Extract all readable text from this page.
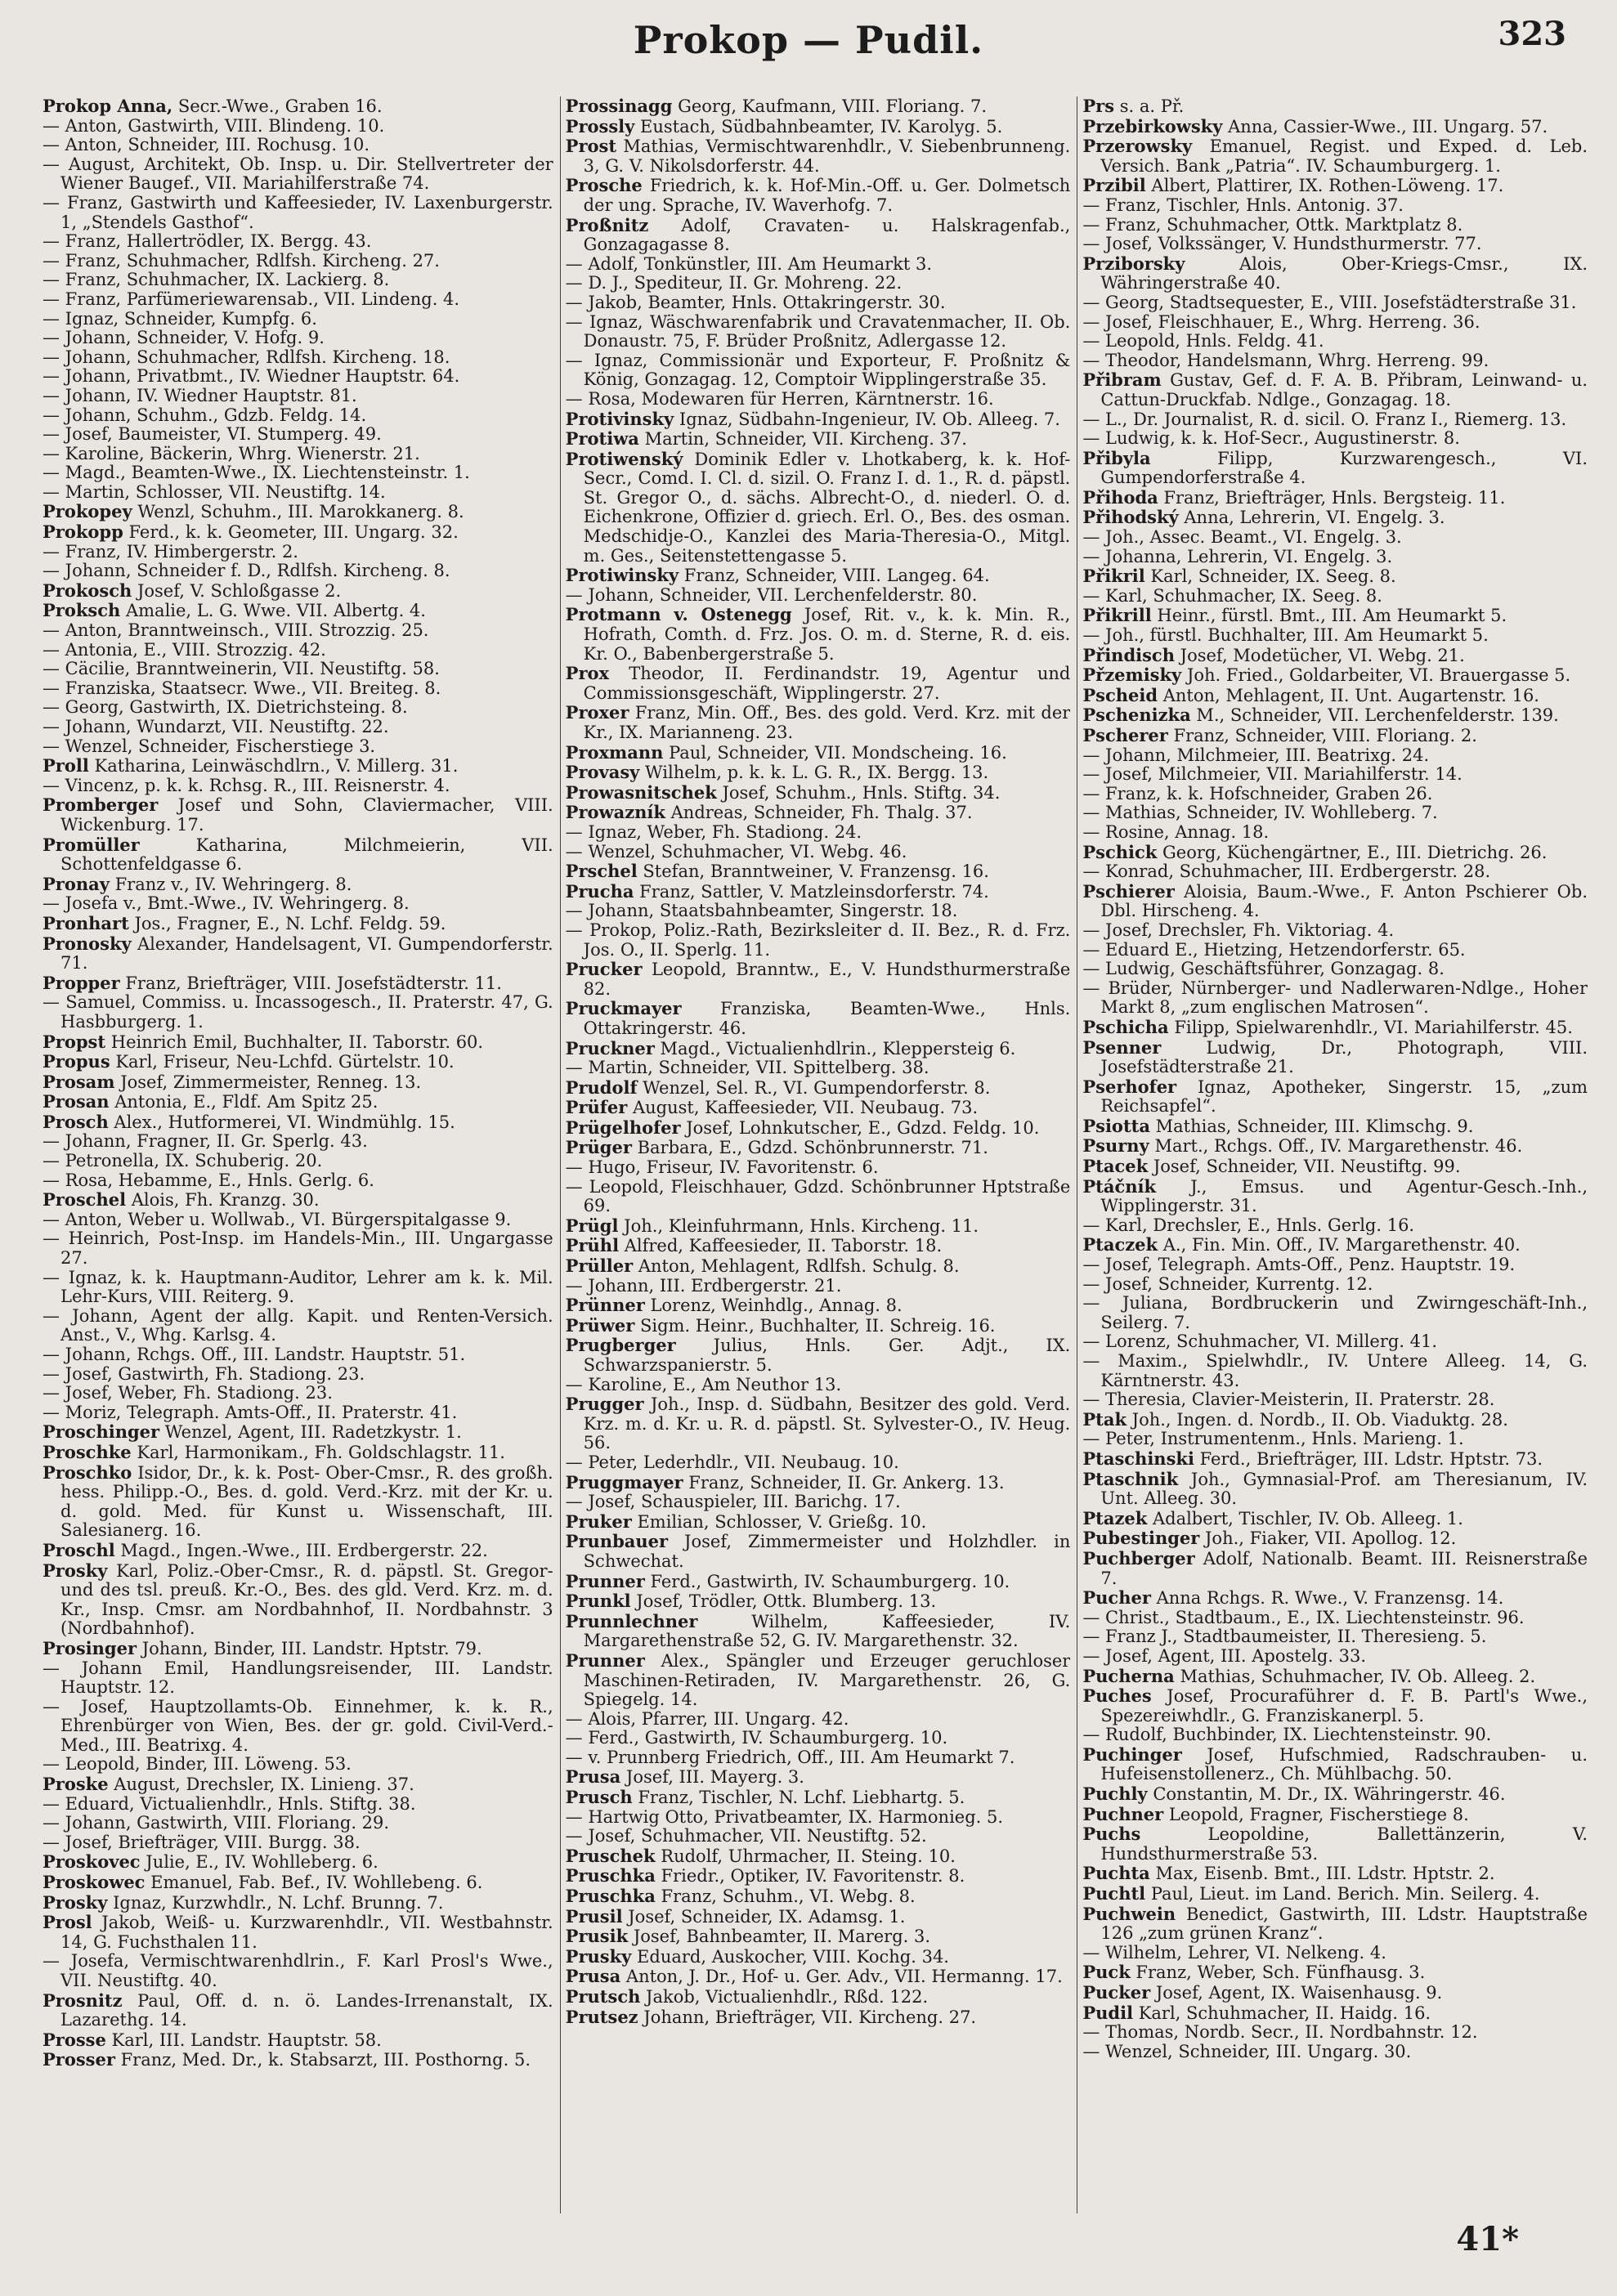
Prokop — Pudil.	323
Prokop Anna, Secr.-Wwe., Graben 16.
— Anton, Gastwirth, VIII. Blindeng. 10.
— Anton, Schneider, III. Rochusg. 10.
— August, Architekt, Ob. Insp. u. Dir. Stellvertreter der Wiener Baugef., VII. Mariahilferstraße 74.
— Franz, Gastwirth und Kaffeesieder, IV. Laxenburgerstr. 1, „Stendels Gasthof“.
— Franz, Hallertrödler, IX. Bergg. 43.
— Franz, Schuhmacher, Rdlfsh. Kircheng. 27.
— Franz, Schuhmacher, IX. Lackierg. 8.
— Franz, Parfümeriewarensab., VII. Lindeng. 4.
— Ignaz, Schneider, Kumpfg. 6.
— Johann, Schneider, V. Hofg. 9.
— Johann, Schuhmacher, Rdlfsh. Kircheng. 18.
— Johann, Privatbmt., IV. Wiedner Hauptstr. 64.
— Johann, IV. Wiedner Hauptstr. 81.
— Johann, Schuhm., Gdzb. Feldg. 14.
— Josef, Baumeister, VI. Stumperg. 49.
— Karoline, Bäckerin, Whrg. Wienerstr. 21.
— Magd., Beamten-Wwe., IX. Liechtensteinstr. 1.
— Martin, Schlosser, VII. Neustiftg. 14.
Prokopey Wenzl, Schuhm., III. Marokkanerg. 8.
Prokopp Ferd., k. k. Geometer, III. Ungarg. 32.
— Franz, IV. Himbergerstr. 2.
— Johann, Schneider f. D., Rdlfsh. Kircheng. 8.
Prokosch Josef, V. Schloßgasse 2.
Proksch Amalie, L. G. Wwe. VII. Albertg. 4.
— Anton, Branntweinsch., VIII. Strozzig. 25.
— Antonia, E., VIII. Strozzig. 42.
— Cäcilie, Branntweinerin, VII. Neustiftg. 58.
— Franziska, Staatsecr. Wwe., VII. Breiteg. 8.
— Georg, Gastwirth, IX. Dietrichsteing. 8.
— Johann, Wundarzt, VII. Neustiftg. 22.
— Wenzel, Schneider, Fischerstiege 3.
Proll Katharina, Leinwäschdlrn., V. Millerg. 31.
— Vincenz, p. k. k. Rchsg. R., III. Reisnerstr. 4.
Promberger Josef und Sohn, Claviermacher, VIII. Wickenburg. 17.
Promüller Katharina, Milchmeierin, VII. Schottenfeldgasse 6.
Pronay Franz v., IV. Wehringerg. 8.
— Josefa v., Bmt.-Wwe., IV. Wehringerg. 8.
Pronhart Jos., Fragner, E., N. Lchf. Feldg. 59.
Pronosky Alexander, Handelsagent, VI. Gumpendorferstr. 71.
Propper Franz, Briefträger, VIII. Josefstädterstr. 11.
— Samuel, Commiss. u. Incassogesch., II. Praterstr. 47, G. Hasbburgerg. 1.
Propst Heinrich Emil, Buchhalter, II. Taborstr. 60.
Propus Karl, Friseur, Neu-Lchfd. Gürtelstr. 10.
Prosam Josef, Zimmermeister, Renneg. 13.
Prosan Antonia, E., Fldf. Am Spitz 25.
Prosch Alex., Hutformerei, VI. Windmühlg. 15.
— Johann, Fragner, II. Gr. Sperlg. 43.
— Petronella, IX. Schuberig. 20.
— Rosa, Hebamme, E., Hnls. Gerlg. 6.
Proschel Alois, Fh. Kranzg. 30.
— Anton, Weber u. Wollwab., VI. Bürgerspitalgasse 9.
— Heinrich, Post-Insp. im Handels-Min., III. Ungargasse 27.
— Ignaz, k. k. Hauptmann-Auditor, Lehrer am k. k. Mil. Lehr-Kurs, VIII. Reiterg. 9.
— Johann, Agent der allg. Kapit. und Renten-Versich. Anst., V., Whg. Karlsg. 4.
— Johann, Rchgs. Off., III. Landstr. Hauptstr. 51.
— Josef, Gastwirth, Fh. Stadiong. 23.
— Josef, Weber, Fh. Stadiong. 23.
— Moriz, Telegraph. Amts-Off., II. Praterstr. 41.
Proschinger Wenzel, Agent, III. Radetzkystr. 1.
Proschke Karl, Harmonikam., Fh. Goldschlagstr. 11.
Proschko Isidor, Dr., k. k. Post- Ober-Cmsr., R. des großh. hess. Philipp.-O., Bes. d. gold. Verd.-Krz. mit der Kr. u. d. gold. Med. für Kunst u. Wissenschaft, III. Salesianerg. 16.
Proschl Magd., Ingen.-Wwe., III. Erdbergerstr. 22.
Prosky Karl, Poliz.-Ober-Cmsr., R. d. päpstl. St. Gregor- und des tsl. preuß. Kr.-O., Bes. des gld. Verd. Krz. m. d. Kr., Insp. Cmsr. am Nordbahnhof, II. Nordbahnstr. 3 (Nordbahnhof).
Prosinger Johann, Binder, III. Landstr. Hptstr. 79.
— Johann Emil, Handlungsreisender, III. Landstr. Hauptstr. 12.
— Josef, Hauptzollamts-Ob. Einnehmer, k. k. R., Ehrenbürger von Wien, Bes. der gr. gold. Civil-Verd.-Med., III. Beatrixg. 4.
— Leopold, Binder, III. Löweng. 53.
Proske August, Drechsler, IX. Linieng. 37.
— Eduard, Victualienhdlr., Hnls. Stiftg. 38.
— Johann, Gastwirth, VIII. Floriang. 29.
— Josef, Briefträger, VIII. Burgg. 38.
Proskovec Julie, E., IV. Wohlleberg. 6.
Proskowec Emanuel, Fab. Bef., IV. Wohllebeng. 6.
Prosky Ignaz, Kurzwhdlr., N. Lchf. Brunng. 7.
Prosl Jakob, Weiß- u. Kurzwarenhdlr., VII. Westbahnstr. 14, G. Fuchsthalen 11.
— Josefa, Vermischtwarenhdlrin., F. Karl Prosl's Wwe., VII. Neustiftg. 40.
Prosnitz Paul, Off. d. n. ö. Landes-Irrenanstalt, IX. Lazarethg. 14.
Prosse Karl, III. Landstr. Hauptstr. 58.
Prosser Franz, Med. Dr., k. Stabsarzt, III. Posthorng. 5.
Prossinagg Georg, Kaufmann, VIII. Floriang. 7.
Prossly Eustach, Südbahnbeamter, IV. Karolyg. 5.
Prost Mathias, Vermischtwarenhdlr., V. Siebenbrunneng. 3, G. V. Nikolsdorferstr. 44.
Prosche Friedrich, k. k. Hof-Min.-Off. u. Ger. Dolmetsch der ung. Sprache, IV. Waverhofg. 7.
Proßnitz Adolf, Cravaten- u. Halskragenfab., Gonzagagasse 8.
— Adolf, Tonkünstler, III. Am Heumarkt 3.
— D. J., Spediteur, II. Gr. Mohreng. 22.
— Jakob, Beamter, Hnls. Ottakringerstr. 30.
— Ignaz, Wäschwarenfabrik und Cravatenmacher, II. Ob. Donaustr. 75, F. Brüder Proßnitz, Adlergasse 12.
— Ignaz, Commissionär und Exporteur, F. Proßnitz & König, Gonzagag. 12, Comptoir Wipplingerstraße 35.
— Rosa, Modewaren für Herren, Kärntnerstr. 16.
Protivinsky Ignaz, Südbahn-Ingenieur, IV. Ob. Alleeg. 7.
Protiwa Martin, Schneider, VII. Kircheng. 37.
Protiwenský Dominik Edler v. Lhotkaberg, k. k. Hof-Secr., Comd. I. Cl. d. sizil. O. Franz I. d. 1., R. d. päpstl. St. Gregor O., d. sächs. Albrecht-O., d. niederl. O. d. Eichenkrone, Offizier d. griech. Erl. O., Bes. des osman. Medschidje-O., Kanzlei des Maria-Theresia-O., Mitgl. m. Ges., Seitenstettengasse 5.
Protiwinsky Franz, Schneider, VIII. Langeg. 64.
— Johann, Schneider, VII. Lerchenfelderstr. 80.
Protmann v. Ostenegg Josef, Rit. v., k. k. Min. R., Hofrath, Comth. d. Frz. Jos. O. m. d. Sterne, R. d. eis. Kr. O., Babenbergerstraße 5.
Prox Theodor, II. Ferdinandstr. 19, Agentur und Commissionsgeschäft, Wipplingerstr. 27.
Proxer Franz, Min. Off., Bes. des gold. Verd. Krz. mit der Kr., IX. Marianneng. 23.
Proxmann Paul, Schneider, VII. Mondscheing. 16.
Provasy Wilhelm, p. k. k. L. G. R., IX. Bergg. 13.
Prowasnitschek Josef, Schuhm., Hnls. Stiftg. 34.
Prowazník Andreas, Schneider, Fh. Thalg. 37.
— Ignaz, Weber, Fh. Stadiong. 24.
— Wenzel, Schuhmacher, VI. Webg. 46.
Prschel Stefan, Branntweiner, V. Franzensg. 16.
Prucha Franz, Sattler, V. Matzleinsdorferstr. 74.
— Johann, Staatsbahnbeamter, Singerstr. 18.
— Prokop, Poliz.-Rath, Bezirksleiter d. II. Bez., R. d. Frz. Jos. O., II. Sperlg. 11.
Prucker Leopold, Branntw., E., V. Hundsthurmerstraße 82.
Pruckmayer Franziska, Beamten-Wwe., Hnls. Ottakringerstr. 46.
Pruckner Magd., Victualienhdlrin., Kleppersteig 6.
— Martin, Schneider, VII. Spittelberg. 38.
Prudolf Wenzel, Sel. R., VI. Gumpendorferstr. 8.
Prüfer August, Kaffeesieder, VII. Neubaug. 73.
Prügelhofer Josef, Lohnkutscher, E., Gdzd. Feldg. 10.
Prüger Barbara, E., Gdzd. Schönbrunnerstr. 71.
— Hugo, Friseur, IV. Favoritenstr. 6.
— Leopold, Fleischhauer, Gdzd. Schönbrunner Hptstraße 69.
Prügl Joh., Kleinfuhrmann, Hnls. Kircheng. 11.
Prühl Alfred, Kaffeesieder, II. Taborstr. 18.
Prüller Anton, Mehlagent, Rdlfsh. Schulg. 8.
— Johann, III. Erdbergerstr. 21.
Prünner Lorenz, Weinhdlg., Annag. 8.
Prüwer Sigm. Heinr., Buchhalter, II. Schreig. 16.
Prugberger Julius, Hnls. Ger. Adjt., IX. Schwarzspanierstr. 5.
— Karoline, E., Am Neuthor 13.
Prugger Joh., Insp. d. Südbahn, Besitzer des gold. Verd. Krz. m. d. Kr. u. R. d. päpstl. St. Sylvester-O., IV. Heug. 56.
— Peter, Lederhdlr., VII. Neubaug. 10.
Pruggmayer Franz, Schneider, II. Gr. Ankerg. 13.
— Josef, Schauspieler, III. Barichg. 17.
Pruker Emilian, Schlosser, V. Grießg. 10.
Prunbauer Josef, Zimmermeister und Holzhdler. in Schwechat.
Prunner Ferd., Gastwirth, IV. Schaumburgerg. 10.
Prunkl Josef, Trödler, Ottk. Blumberg. 13.
Prunnlechner Wilhelm, Kaffeesieder, IV. Margarethenstraße 52, G. IV. Margarethenstr. 32.
Prunner Alex., Spängler und Erzeuger geruchloser Maschinen-Retiraden, IV. Margarethenstr. 26, G. Spiegelg. 14.
— Alois, Pfarrer, III. Ungarg. 42.
— Ferd., Gastwirth, IV. Schaumburgerg. 10.
— v. Prunnberg Friedrich, Off., III. Am Heumarkt 7.
Prusa Josef, III. Mayerg. 3.
Prusch Franz, Tischler, N. Lchf. Liebhartg. 5.
— Hartwig Otto, Privatbeamter, IX. Harmonieg. 5.
— Josef, Schuhmacher, VII. Neustiftg. 52.
Pruschek Rudolf, Uhrmacher, II. Steing. 10.
Pruschka Friedr., Optiker, IV. Favoritenstr. 8.
Pruschka Franz, Schuhm., VI. Webg. 8.
Prusil Josef, Schneider, IX. Adamsg. 1.
Prusik Josef, Bahnbeamter, II. Marerg. 3.
Prusky Eduard, Auskocher, VIII. Kochg. 34.
Prusa Anton, J. Dr., Hof- u. Ger. Adv., VII. Hermanng. 17.
Prutsch Jakob, Victualienhdlr., Rßd. 122.
Prutsez Johann, Briefträger, VII. Kircheng. 27.
Prs s. a. Př.
Przebirkowsky Anna, Cassier-Wwe., III. Ungarg. 57.
Przerowsky Emanuel, Regist. und Exped. d. Leb. Versich. Bank „Patria“. IV. Schaumburgerg. 1.
Przibil Albert, Plattirer, IX. Rothen-Löweng. 17.
— Franz, Tischler, Hnls. Antonig. 37.
— Franz, Schuhmacher, Ottk. Marktplatz 8.
— Josef, Volkssänger, V. Hundsthurmerstr. 77.
Prziborsky Alois, Ober-Kriegs-Cmsr., IX. Währingerstraße 40.
— Georg, Stadtsequester, E., VIII. Josefstädterstraße 31.
— Josef, Fleischhauer, E., Whrg. Herreng. 36.
— Leopold, Hnls. Feldg. 41.
— Theodor, Handelsmann, Whrg. Herreng. 99.
Přibram Gustav, Gef. d. F. A. B. Přibram, Leinwand- u. Cattun-Druckfab. Ndlge., Gonzagag. 18.
— L., Dr. Journalist, R. d. sicil. O. Franz I., Riemerg. 13.
— Ludwig, k. k. Hof-Secr., Augustinerstr. 8.
Přibyla Filipp, Kurzwarengesch., VI. Gumpendorferstraße 4.
Přihoda Franz, Briefträger, Hnls. Bergsteig. 11.
Přihodský Anna, Lehrerin, VI. Engelg. 3.
— Joh., Assec. Beamt., VI. Engelg. 3.
— Johanna, Lehrerin, VI. Engelg. 3.
Přikril Karl, Schneider, IX. Seeg. 8.
— Karl, Schuhmacher, IX. Seeg. 8.
Přikrill Heinr., fürstl. Bmt., III. Am Heumarkt 5.
— Joh., fürstl. Buchhalter, III. Am Heumarkt 5.
Přindisch Josef, Modetücher, VI. Webg. 21.
Přzemisky Joh. Fried., Goldarbeiter, VI. Brauergasse 5.
Pscheid Anton, Mehlagent, II. Unt. Augartenstr. 16.
Pschenizka M., Schneider, VII. Lerchenfelderstr. 139.
Pscherer Franz, Schneider, VIII. Floriang. 2.
— Johann, Milchmeier, III. Beatrixg. 24.
— Josef, Milchmeier, VII. Mariahilferstr. 14.
— Franz, k. k. Hofschneider, Graben 26.
— Mathias, Schneider, IV. Wohlleberg. 7.
— Rosine, Annag. 18.
Pschick Georg, Küchengärtner, E., III. Dietrichg. 26.
— Konrad, Schuhmacher, III. Erdbergerstr. 28.
Pschierer Aloisia, Baum.-Wwe., F. Anton Pschierer Ob. Dbl. Hirscheng. 4.
— Josef, Drechsler, Fh. Viktoriag. 4.
— Eduard E., Hietzing, Hetzendorferstr. 65.
— Ludwig, Geschäftsführer, Gonzagag. 8.
— Brüder, Nürnberger- und Nadlerwaren-Ndlge., Hoher Markt 8, „zum englischen Matrosen“.
Pschicha Filipp, Spielwarenhdlr., VI. Mariahilferstr. 45.
Psenner Ludwig, Dr., Photograph, VIII. Josefstädterstraße 21.
Pserhofer Ignaz, Apotheker, Singerstr. 15, „zum Reichsapfel“.
Psiotta Mathias, Schneider, III. Klimschg. 9.
Psurny Mart., Rchgs. Off., IV. Margarethenstr. 46.
Ptacek Josef, Schneider, VII. Neustiftg. 99.
Ptáčník J., Emsus. und Agentur-Gesch.-Inh., Wipplingerstr. 31.
— Karl, Drechsler, E., Hnls. Gerlg. 16.
Ptaczek A., Fin. Min. Off., IV. Margarethenstr. 40.
— Josef, Telegraph. Amts-Off., Penz. Hauptstr. 19.
— Josef, Schneider, Kurrentg. 12.
— Juliana, Bordbruckerin und Zwirngeschäft-Inh., Seilerg. 7.
— Lorenz, Schuhmacher, VI. Millerg. 41.
— Maxim., Spielwhdlr., IV. Untere Alleeg. 14, G. Kärntnerstr. 43.
— Theresia, Clavier-Meisterin, II. Praterstr. 28.
Ptak Joh., Ingen. d. Nordb., II. Ob. Viaduktg. 28.
— Peter, Instrumentenm., Hnls. Marieng. 1.
Ptaschinski Ferd., Briefträger, III. Ldstr. Hptstr. 73.
Ptaschnik Joh., Gymnasial-Prof. am Theresianum, IV. Unt. Alleeg. 30.
Ptazek Adalbert, Tischler, IV. Ob. Alleeg. 1.
Pubestinger Joh., Fiaker, VII. Apollog. 12.
Puchberger Adolf, Nationalb. Beamt. III. Reisnerstraße 7.
Pucher Anna Rchgs. R. Wwe., V. Franzensg. 14.
— Christ., Stadtbaum., E., IX. Liechtensteinstr. 96.
— Franz J., Stadtbaumeister, II. Theresieng. 5.
— Josef, Agent, III. Apostelg. 33.
Pucherna Mathias, Schuhmacher, IV. Ob. Alleeg. 2.
Puches Josef, Procuraführer d. F. B. Partl's Wwe., Spezereiwhdlr., G. Franziskanerpl. 5.
— Rudolf, Buchbinder, IX. Liechtensteinstr. 90.
Puchinger Josef, Hufschmied, Radschrauben- u. Hufeisenstollenerz., Ch. Mühlbachg. 50.
Puchly Constantin, M. Dr., IX. Währingerstr. 46.
Puchner Leopold, Fragner, Fischerstiege 8.
Puchs Leopoldine, Ballettänzerin, V. Hundsthurmerstraße 53.
Puchta Max, Eisenb. Bmt., III. Ldstr. Hptstr. 2.
Puchtl Paul, Lieut. im Land. Berich. Min. Seilerg. 4.
Puchwein Benedict, Gastwirth, III. Ldstr. Hauptstraße 126 „zum grünen Kranz“.
— Wilhelm, Lehrer, VI. Nelkeng. 4.
Puck Franz, Weber, Sch. Fünfhausg. 3.
Pucker Josef, Agent, IX. Waisenhausg. 9.
Pudil Karl, Schuhmacher, II. Haidg. 16.
— Thomas, Nordb. Secr., II. Nordbahnstr. 12.
— Wenzel, Schneider, III. Ungarg. 30.
41*
